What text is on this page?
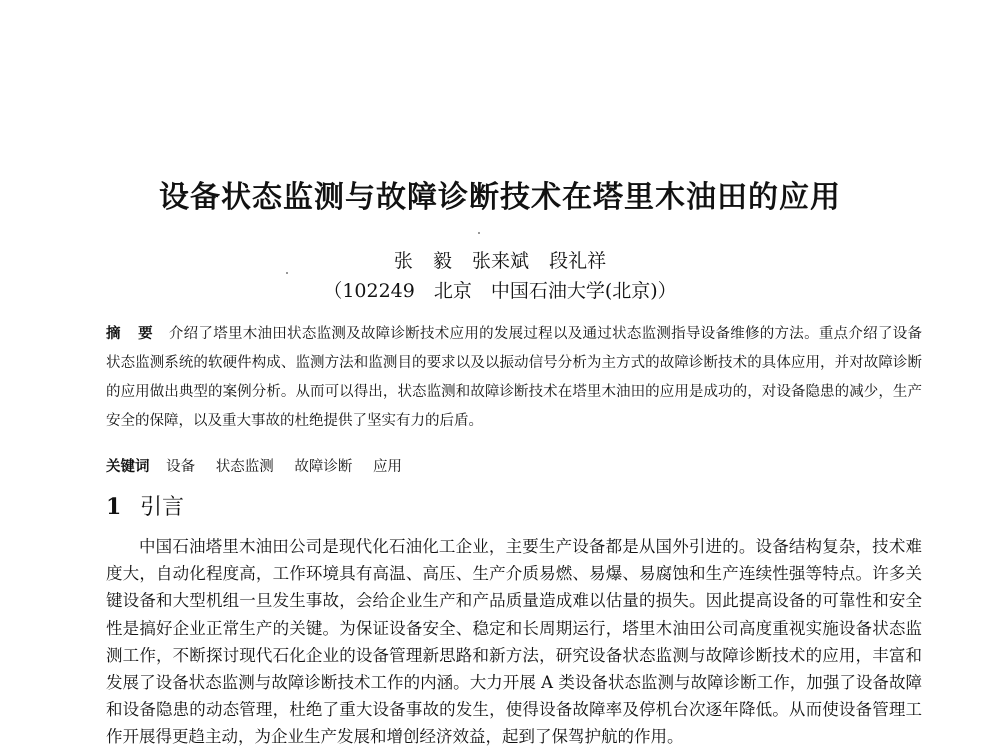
设备状态监测与故障诊断技术在塔里木油田的应用
张 毅 张来斌 段礼祥
（102249　北京　中国石油大学(北京)）

摘 要 介绍了塔里木油田状态监测及故障诊断技术应用的发展过程以及通过状态监测指导设备维修的方法。重点介绍了设备状态监测系统的软硬件构成、监测方法和监测目的要求以及以振动信号分析为主方式的故障诊断技术的具体应用，并对故障诊断的应用做出典型的案例分析。从而可以得出，状态监测和故障诊断技术在塔里木油田的应用是成功的，对设备隐患的减少，生产安全的保障，以及重大事故的杜绝提供了坚实有力的后盾。

关键词 设备 状态监测 故障诊断 应用
1 引言

中国石油塔里木油田公司是现代化石油化工企业，主要生产设备都是从国外引进的。设备结构复杂，技术难度大，自动化程度高，工作环境具有高温、高压、生产介质易燃、易爆、易腐蚀和生产连续性强等特点。许多关键设备和大型机组一旦发生事故，会给企业生产和产品质量造成难以估量的损失。因此提高设备的可靠性和安全性是搞好企业正常生产的关键。为保证设备安全、稳定和长周期运行，塔里木油田公司高度重视实施设备状态监测工作，不断探讨现代石化企业的设备管理新思路和新方法，研究设备状态监测与故障诊断技术的应用，丰富和发展了设备状态监测与故障诊断技术工作的内涵。大力开展 A 类设备状态监测与故障诊断工作，加强了设备故障和设备隐患的动态管理，杜绝了重大设备事故的发生，使得设备故障率及停机台次逐年降低。从而使设备管理工作开展得更趋主动，为企业生产发展和增创经济效益，起到了保驾护航的作用。
